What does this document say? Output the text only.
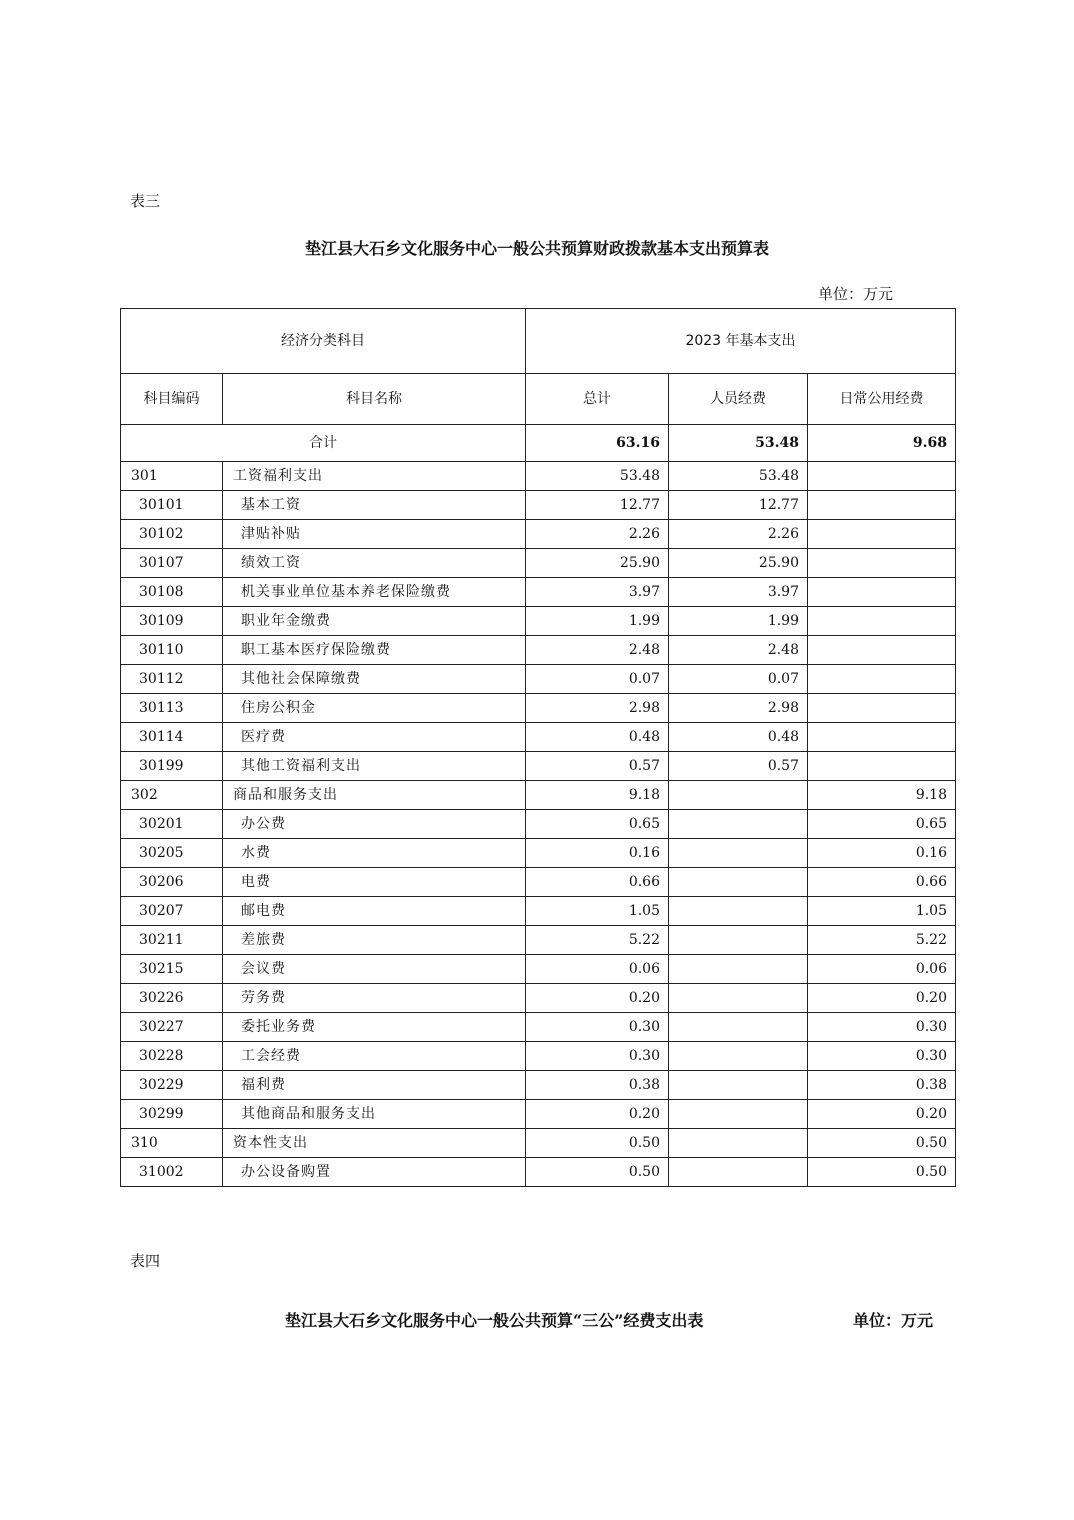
表三
垫江县大石乡文化服务中心一般公共预算财政拨款基本支出预算表
单位：万元
经济分类科目		2023 年基本支出		
科目编码	科目名称	总计	人员经费	日常公用经费
合计		63.16	53.48	9.68
301	工资福利支出	53.48	53.48	
30101	基本工资	12.77	12.77	
30102	津贴补贴	2.26	2.26	
30107	绩效工资	25.90	25.90	
30108	机关事业单位基本养老保险缴费	3.97	3.97	
30109	职业年金缴费	1.99	1.99	
30110	职工基本医疗保险缴费	2.48	2.48	
30112	其他社会保障缴费	0.07	0.07	
30113	住房公积金	2.98	2.98	
30114	医疗费	0.48	0.48	
30199	其他工资福利支出	0.57	0.57	
302	商品和服务支出	9.18		9.18
30201	办公费	0.65		0.65
30205	水费	0.16		0.16
30206	电费	0.66		0.66
30207	邮电费	1.05		1.05
30211	差旅费	5.22		5.22
30215	会议费	0.06		0.06
30226	劳务费	0.20		0.20
30227	委托业务费	0.30		0.30
30228	工会经费	0.30		0.30
30229	福利费	0.38		0.38
30299	其他商品和服务支出	0.20		0.20
310	资本性支出	0.50		0.50
31002	办公设备购置	0.50		0.50
表四
垫江县大石乡文化服务中心一般公共预算“三公”经费支出表	单位：万元
